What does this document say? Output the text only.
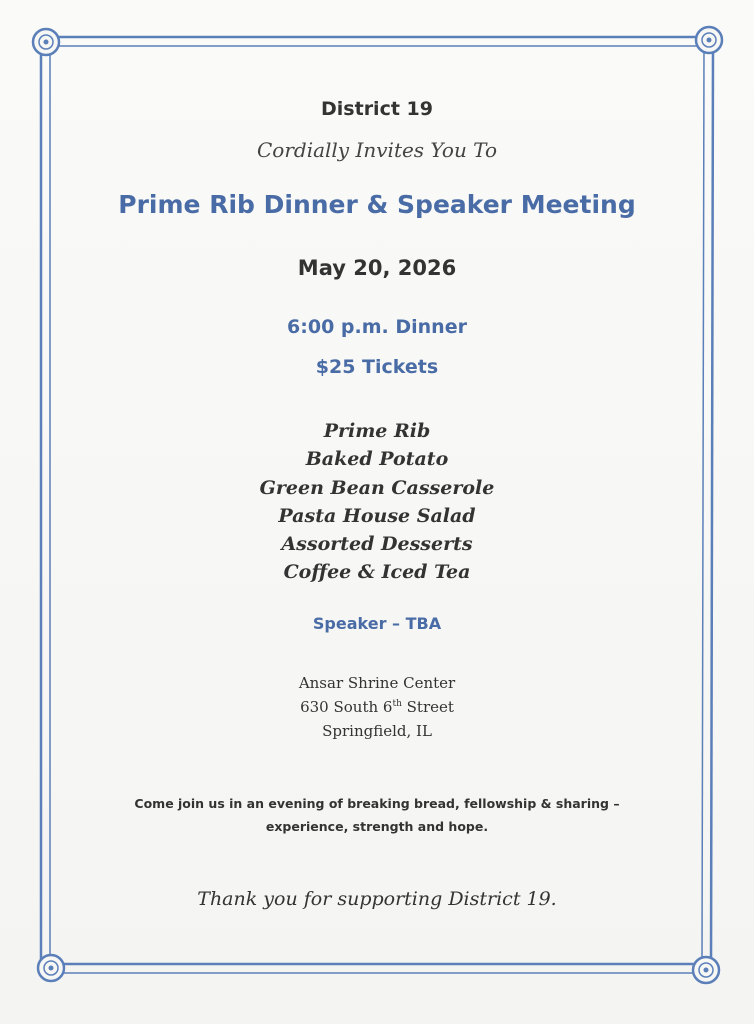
District 19
Cordially Invites You To
Prime Rib Dinner & Speaker Meeting
May 20, 2026
6:00 p.m. Dinner
$25 Tickets
Prime Rib
Baked Potato
Green Bean Casserole
Pasta House Salad
Assorted Desserts
Coffee & Iced Tea
Speaker – TBA
Ansar Shrine Center
630 South 6th Street
Springfield, IL
Come join us in an evening of breaking bread, fellowship & sharing –
experience, strength and hope.
Thank you for supporting District 19.
